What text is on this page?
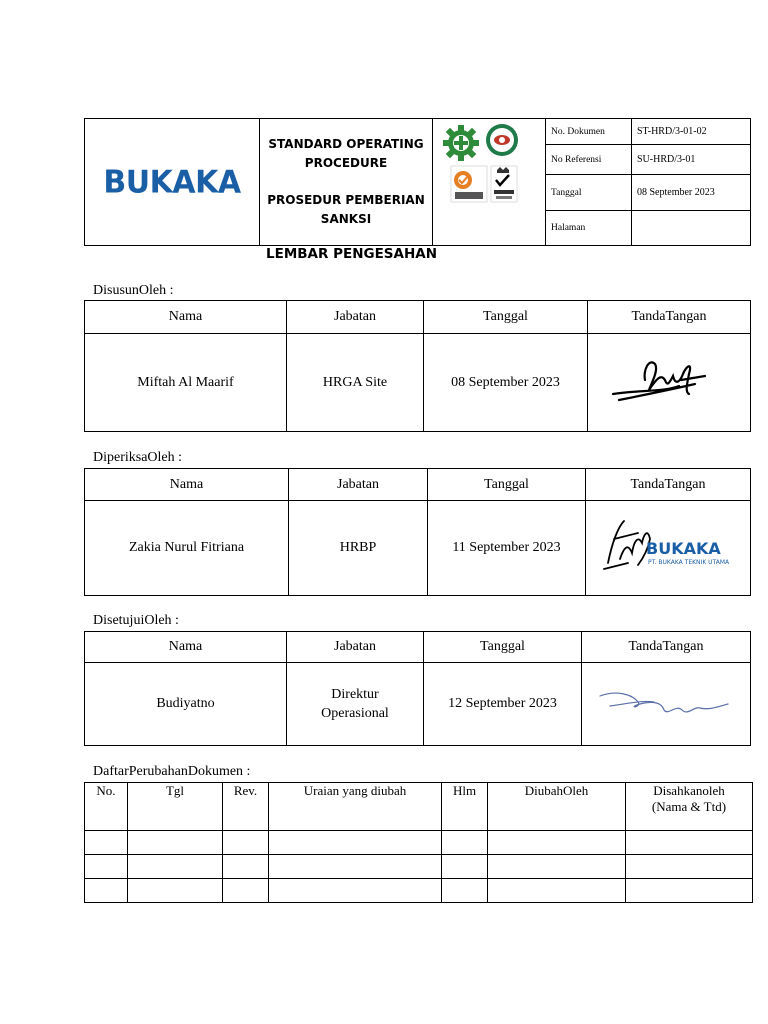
BUKAKA	STANDARD OPERATING
PROCEDURE
PROSEDUR PEMBERIAN
SANKSI		No. Dokumen	ST-HRD/3-01-02
			No Referensi	SU-HRD/3-01
			Tanggal	08 September 2023
			Halaman	
LEMBAR PENGESAHAN
DisusunOleh :
Nama	Jabatan	Tanggal	TandaTangan
Miftah Al Maarif	HRGA Site	08 September 2023	
DiperiksaOleh :
Nama	Jabatan	Tanggal	TandaTangan
Zakia Nurul Fitriana	HRBP	11 September 2023	BUKAKA
PT. BUKAKA TEKNIK UTAMA
DisetujuiOleh :
Nama	Jabatan	Tanggal	TandaTangan
Budiyatno	Direktur
Operasional	12 September 2023	
DaftarPerubahanDokumen :
No.	Tgl	Rev.	Uraian yang diubah	Hlm	DiubahOleh	Disahkanoleh
(Nama & Ttd)
